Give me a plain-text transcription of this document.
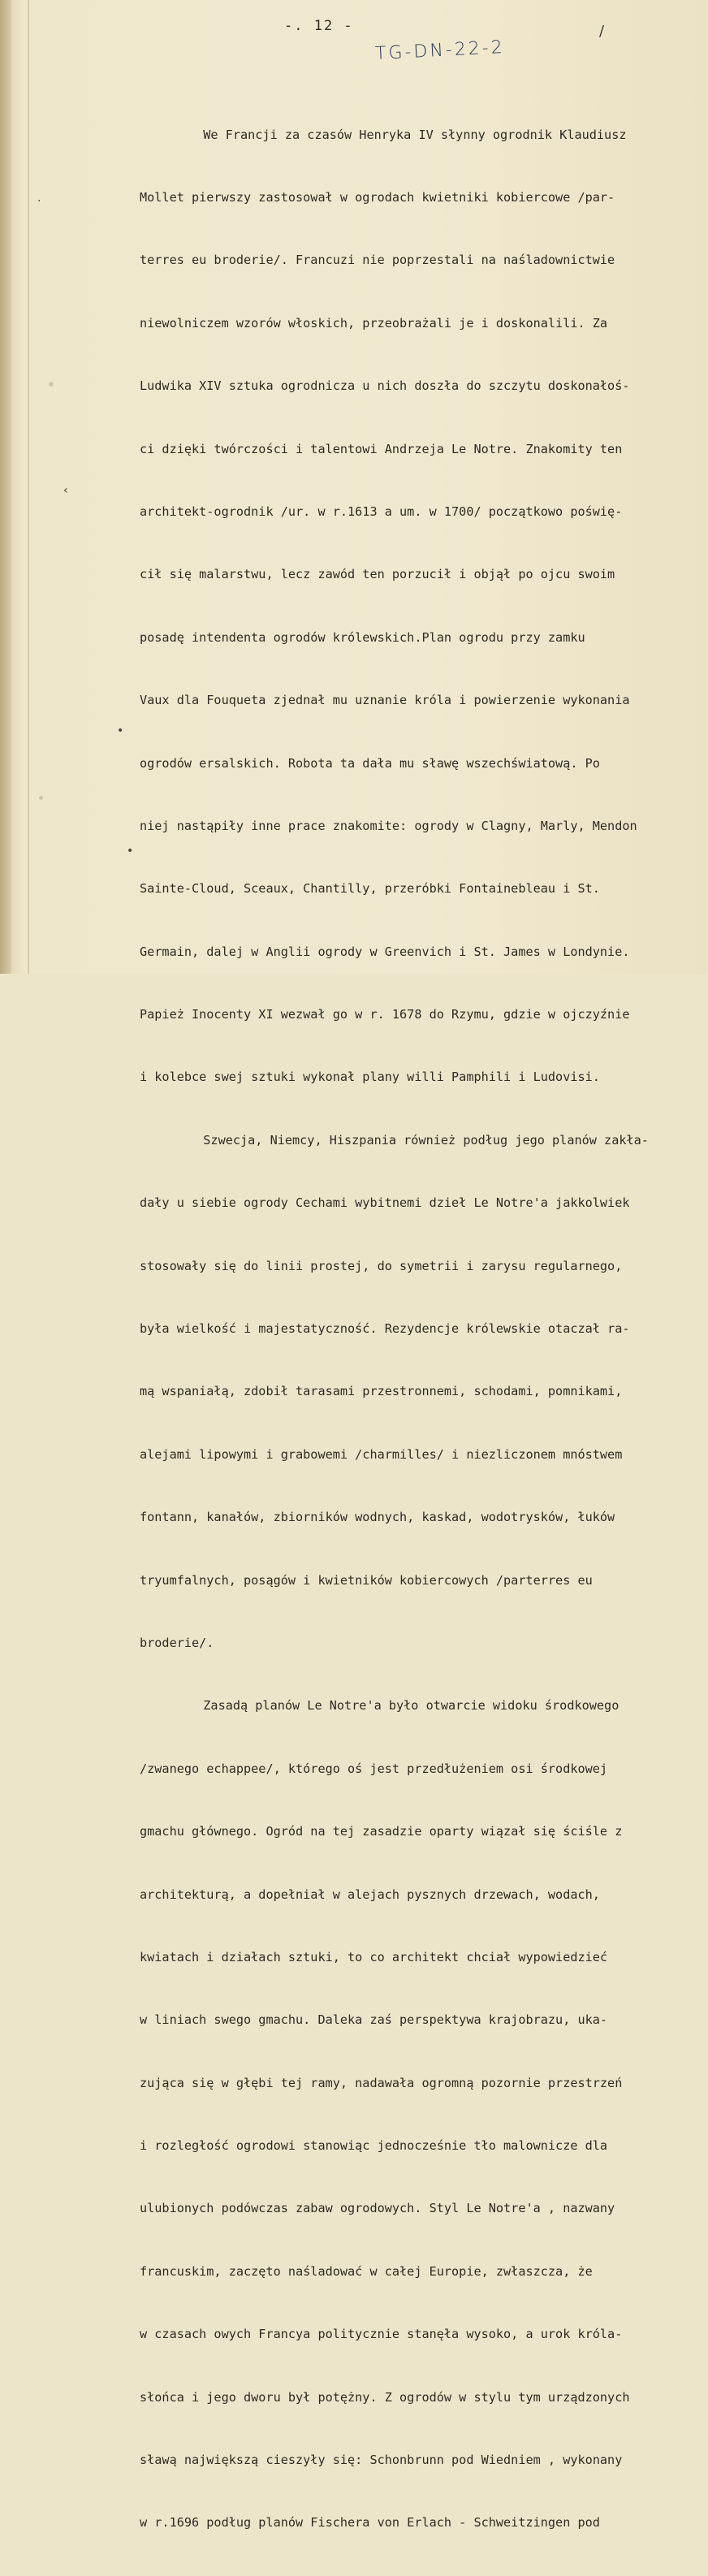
-. 12 -
TG-DN-22-2
/
·
‹
•
•

We Francji za czasów Henryka IV słynny ogrodnik Klaudiusz

Mollet pierwszy zastosował w ogrodach kwietniki kobiercowe /par-

terres eu broderie/. Francuzi nie poprzestali na naśladownictwie

niewolniczem wzorów włoskich, przeobrażali je i doskonalili. Za

Ludwika XIV sztuka ogrodnicza u nich doszła do szczytu doskonałoś-

ci dzięki twórczości i talentowi Andrzeja Le Notre. Znakomity ten

architekt-ogrodnik /ur. w r.1613 a um. w 1700/ początkowo poświę-

cił się malarstwu, lecz zawód ten porzucił i objął po ojcu swoim

posadę intendenta ogrodów królewskich.Plan ogrodu przy zamku

Vaux dla Fouqueta zjednał mu uznanie króla i powierzenie wykonania

ogrodów ersalskich. Robota ta dała mu sławę wszechświatową. Po

niej nastąpiły inne prace znakomite: ogrody w Clagny, Marly, Mendon

Sainte-Cloud, Sceaux, Chantilly, przeróbki Fontainebleau i St.

Germain, dalej w Anglii ogrody w Greenvich i St. James w Londynie.

Papież Inocenty XI wezwał go w r. 1678 do Rzymu, gdzie w ojczyźnie

i kolebce swej sztuki wykonał plany willi Pamphili i Ludovisi.

Szwecja, Niemcy, Hiszpania również podług jego planów zakła-

dały u siebie ogrody Cechami wybitnemi dzieł Le Notre'a jakkolwiek

stosowały się do linii prostej, do symetrii i zarysu regularnego,

była wielkość i majestatyczność. Rezydencje królewskie otaczał ra-

mą wspaniałą, zdobił tarasami przestronnemi, schodami, pomnikami,

alejami lipowymi i grabowemi /charmilles/ i niezliczonem mnóstwem

fontann, kanałów, zbiorników wodnych, kaskad, wodotrysków, łuków

tryumfalnych, posągów i kwietników kobiercowych /parterres eu

broderie/.

Zasadą planów Le Notre'a było otwarcie widoku środkowego

/zwanego echappee/, którego oś jest przedłużeniem osi środkowej

gmachu głównego. Ogród na tej zasadzie oparty wiązał się ściśle z

architekturą, a dopełniał w alejach pysznych drzewach, wodach,

kwiatach i działach sztuki, to co architekt chciał wypowiedzieć

w liniach swego gmachu. Daleka zaś perspektywa krajobrazu, uka-

zująca się w głębi tej ramy, nadawała ogromną pozornie przestrzeń

i rozległość ogrodowi stanowiąc jednocześnie tło malownicze dla

ulubionych podówczas zabaw ogrodowych. Styl Le Notre'a , nazwany

francuskim, zaczęto naśladować w całej Europie, zwłaszcza, że

w czasach owych Francya politycznie stanęła wysoko, a urok króla-

słońca i jego dworu był potężny. Z ogrodów w stylu tym urządzonych

sławą największą cieszyły się: Schonbrunn pod Wiedniem , wykonany

w r.1696 podług planów Fischera von Erlach - Schweitzingen pod
